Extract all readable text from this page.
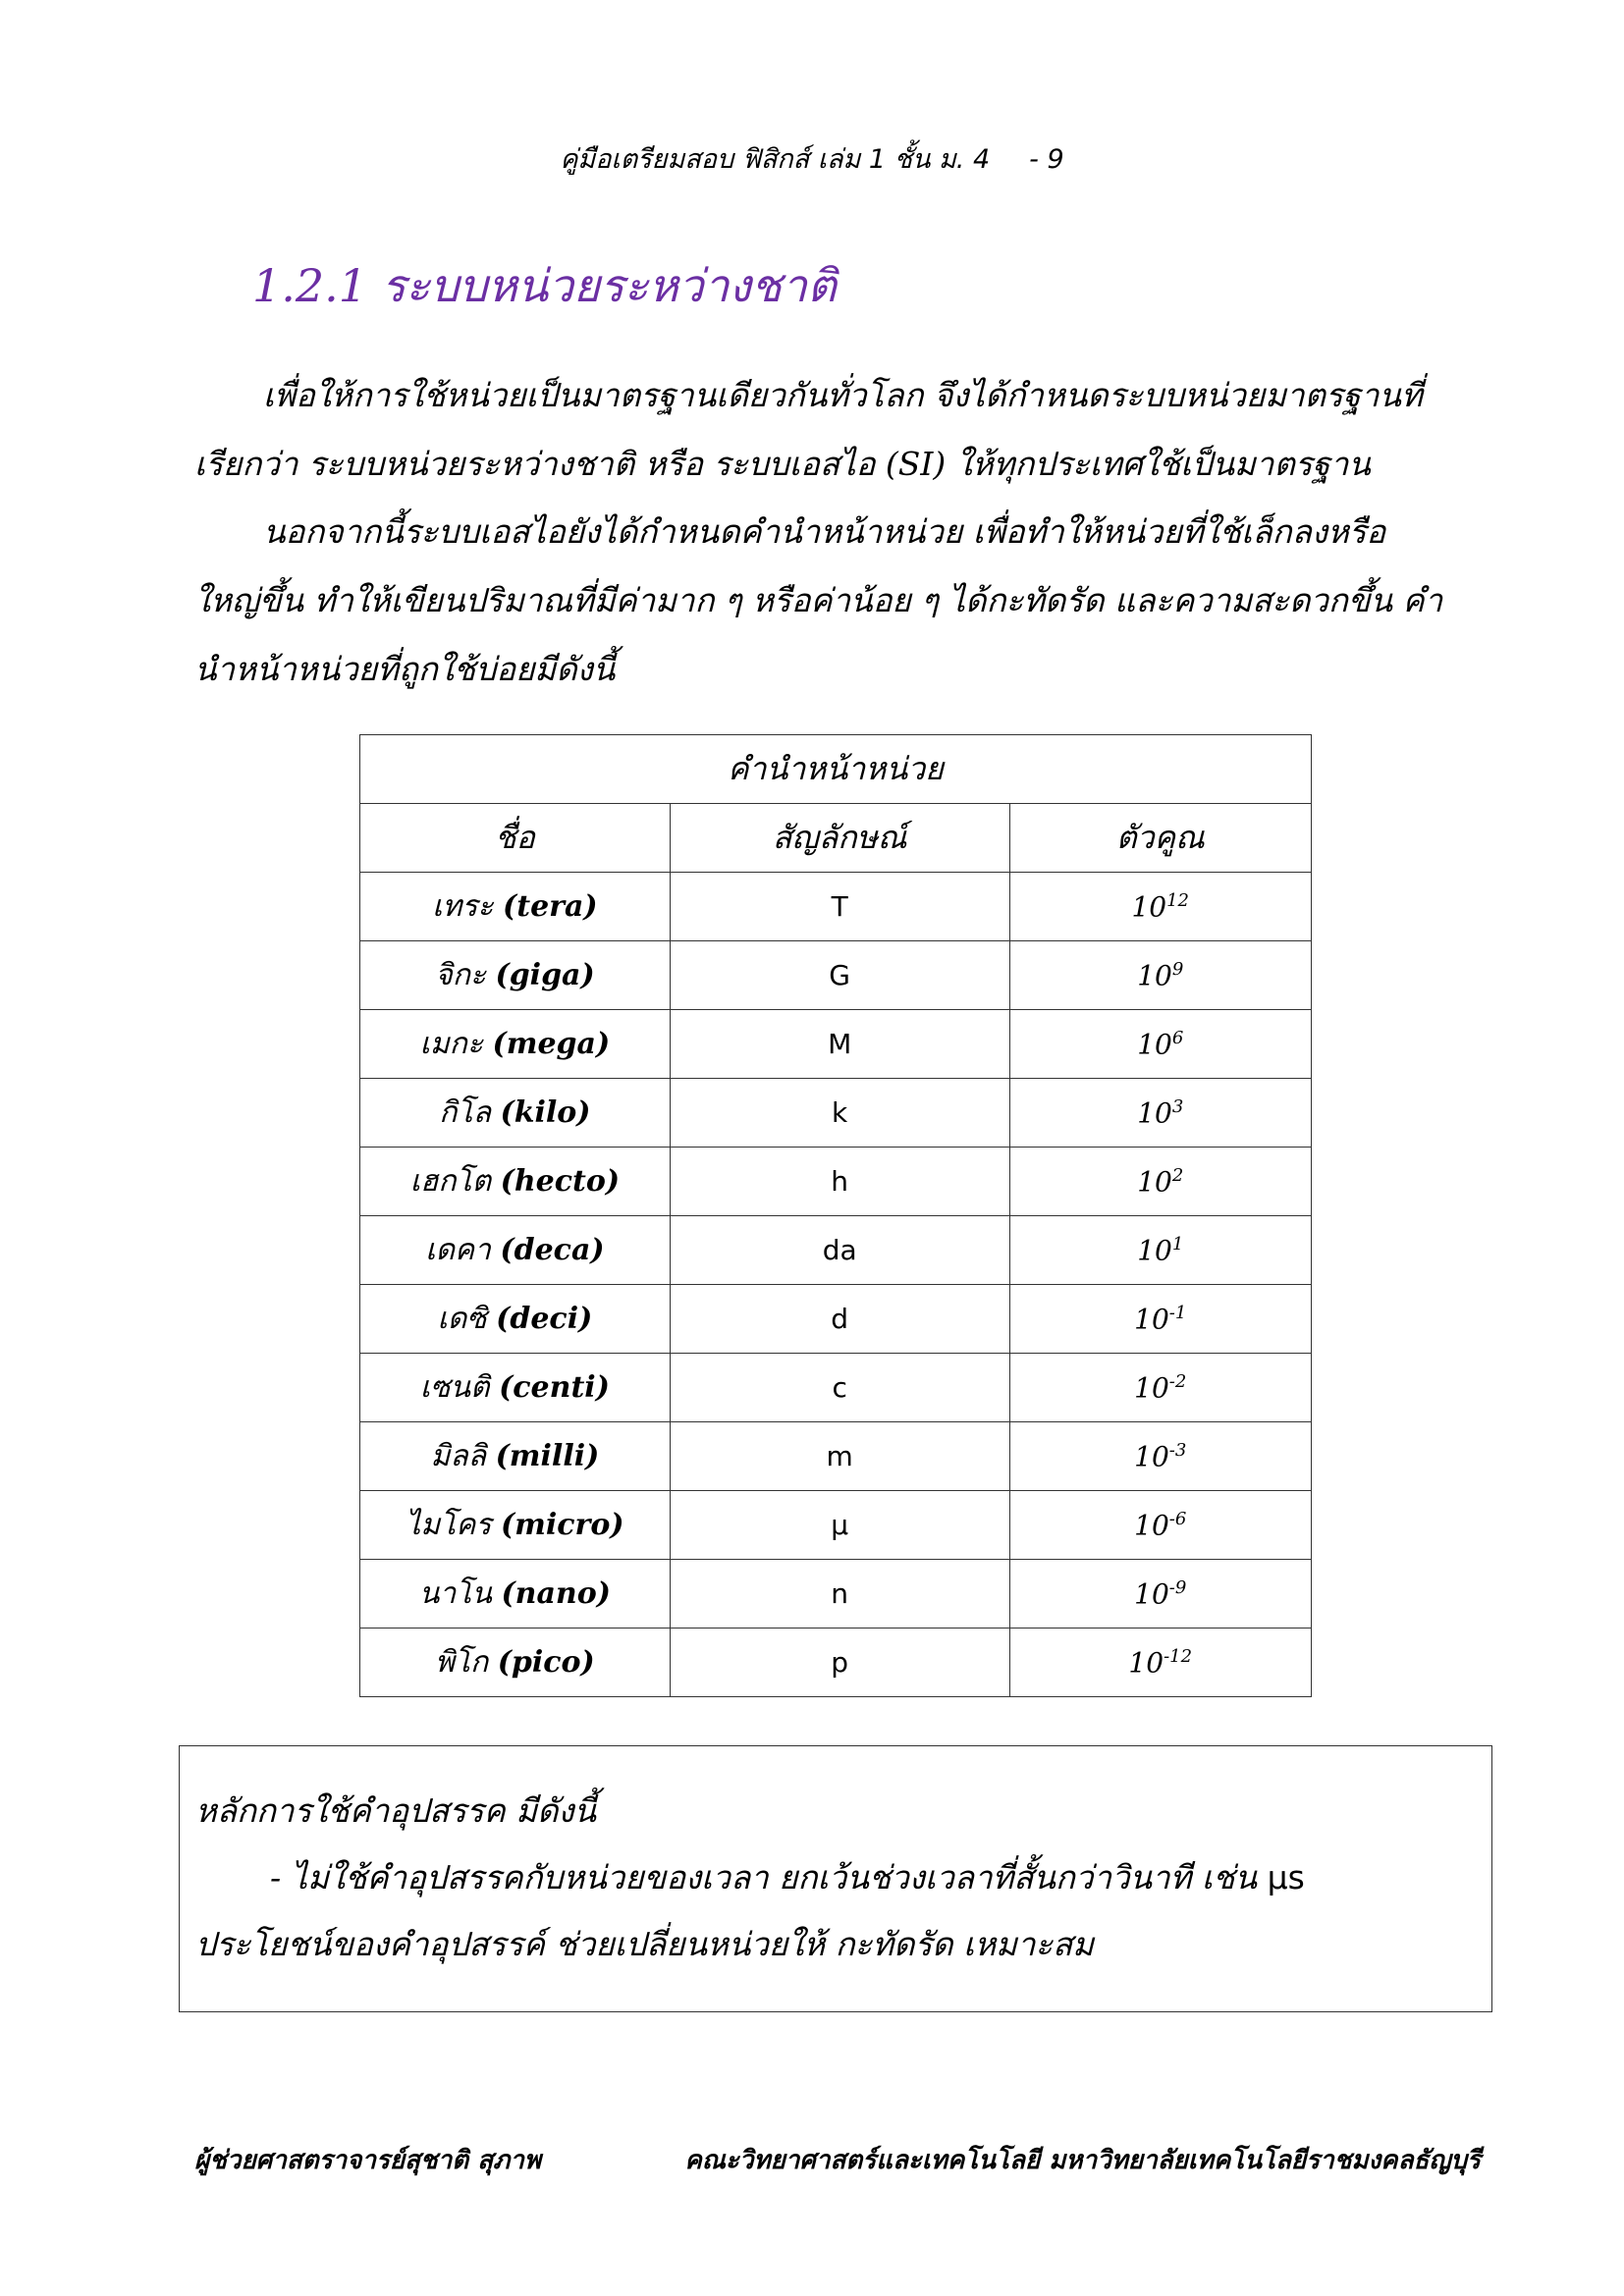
คู่มือเตรียมสอบ ฟิสิกส์ เล่ม 1 ชั้น ม. 4 - 9
1.2.1 ระบบหน่วยระหว่างชาติ
เพื่อให้การใช้หน่วยเป็นมาตรฐานเดียวกันทั่วโลก จึงได้กำหนดระบบหน่วยมาตรฐานที่
เรียกว่า ระบบหน่วยระหว่างชาติ หรือ ระบบเอสไอ (SI) ให้ทุกประเทศใช้เป็นมาตรฐาน
นอกจากนี้ระบบเอสไอยังได้กำหนดคำนำหน้าหน่วย เพื่อทำให้หน่วยที่ใช้เล็กลงหรือ
ใหญ่ขึ้น ทำให้เขียนปริมาณที่มีค่ามาก ๆ หรือค่าน้อย ๆ ได้กะทัดรัด และความสะดวกขึ้น คำ
นำหน้าหน่วยที่ถูกใช้บ่อยมีดังนี้
คำนำหน้าหน่วย		
ชื่อ	สัญลักษณ์	ตัวคูณ
เทระ (tera)	T	$10^{12}$
จิกะ (giga)	G	$10^9$
เมกะ (mega)	M	$10^6$
กิโล (kilo)	k	$10^3$
เฮกโต (hecto)	h	$10^2$
เดคา (deca)	da	$10^1$
เดซิ (deci)	d	$10^{-1}$
เซนติ (centi)	c	$10^{-2}$
มิลลิ (milli)	m	$10^{-3}$
ไมโคร (micro)	μ	$10^{-6}$
นาโน (nano)	n	$10^{-9}$
พิโก (pico)	p	$10^{-12}$
หลักการใช้คำอุปสรรค มีดังนี้
- ไม่ใช้คำอุปสรรคกับหน่วยของเวลา ยกเว้นช่วงเวลาที่สั้นกว่าวินาที เช่น μs
ประโยชน์ของคำอุปสรรค์ ช่วยเปลี่ยนหน่วยให้ กะทัดรัด เหมาะสม
ผู้ช่วยศาสตราจารย์สุชาติ สุภาพ	คณะวิทยาศาสตร์และเทคโนโลยี มหาวิทยาลัยเทคโนโลยีราชมงคลธัญบุรี
